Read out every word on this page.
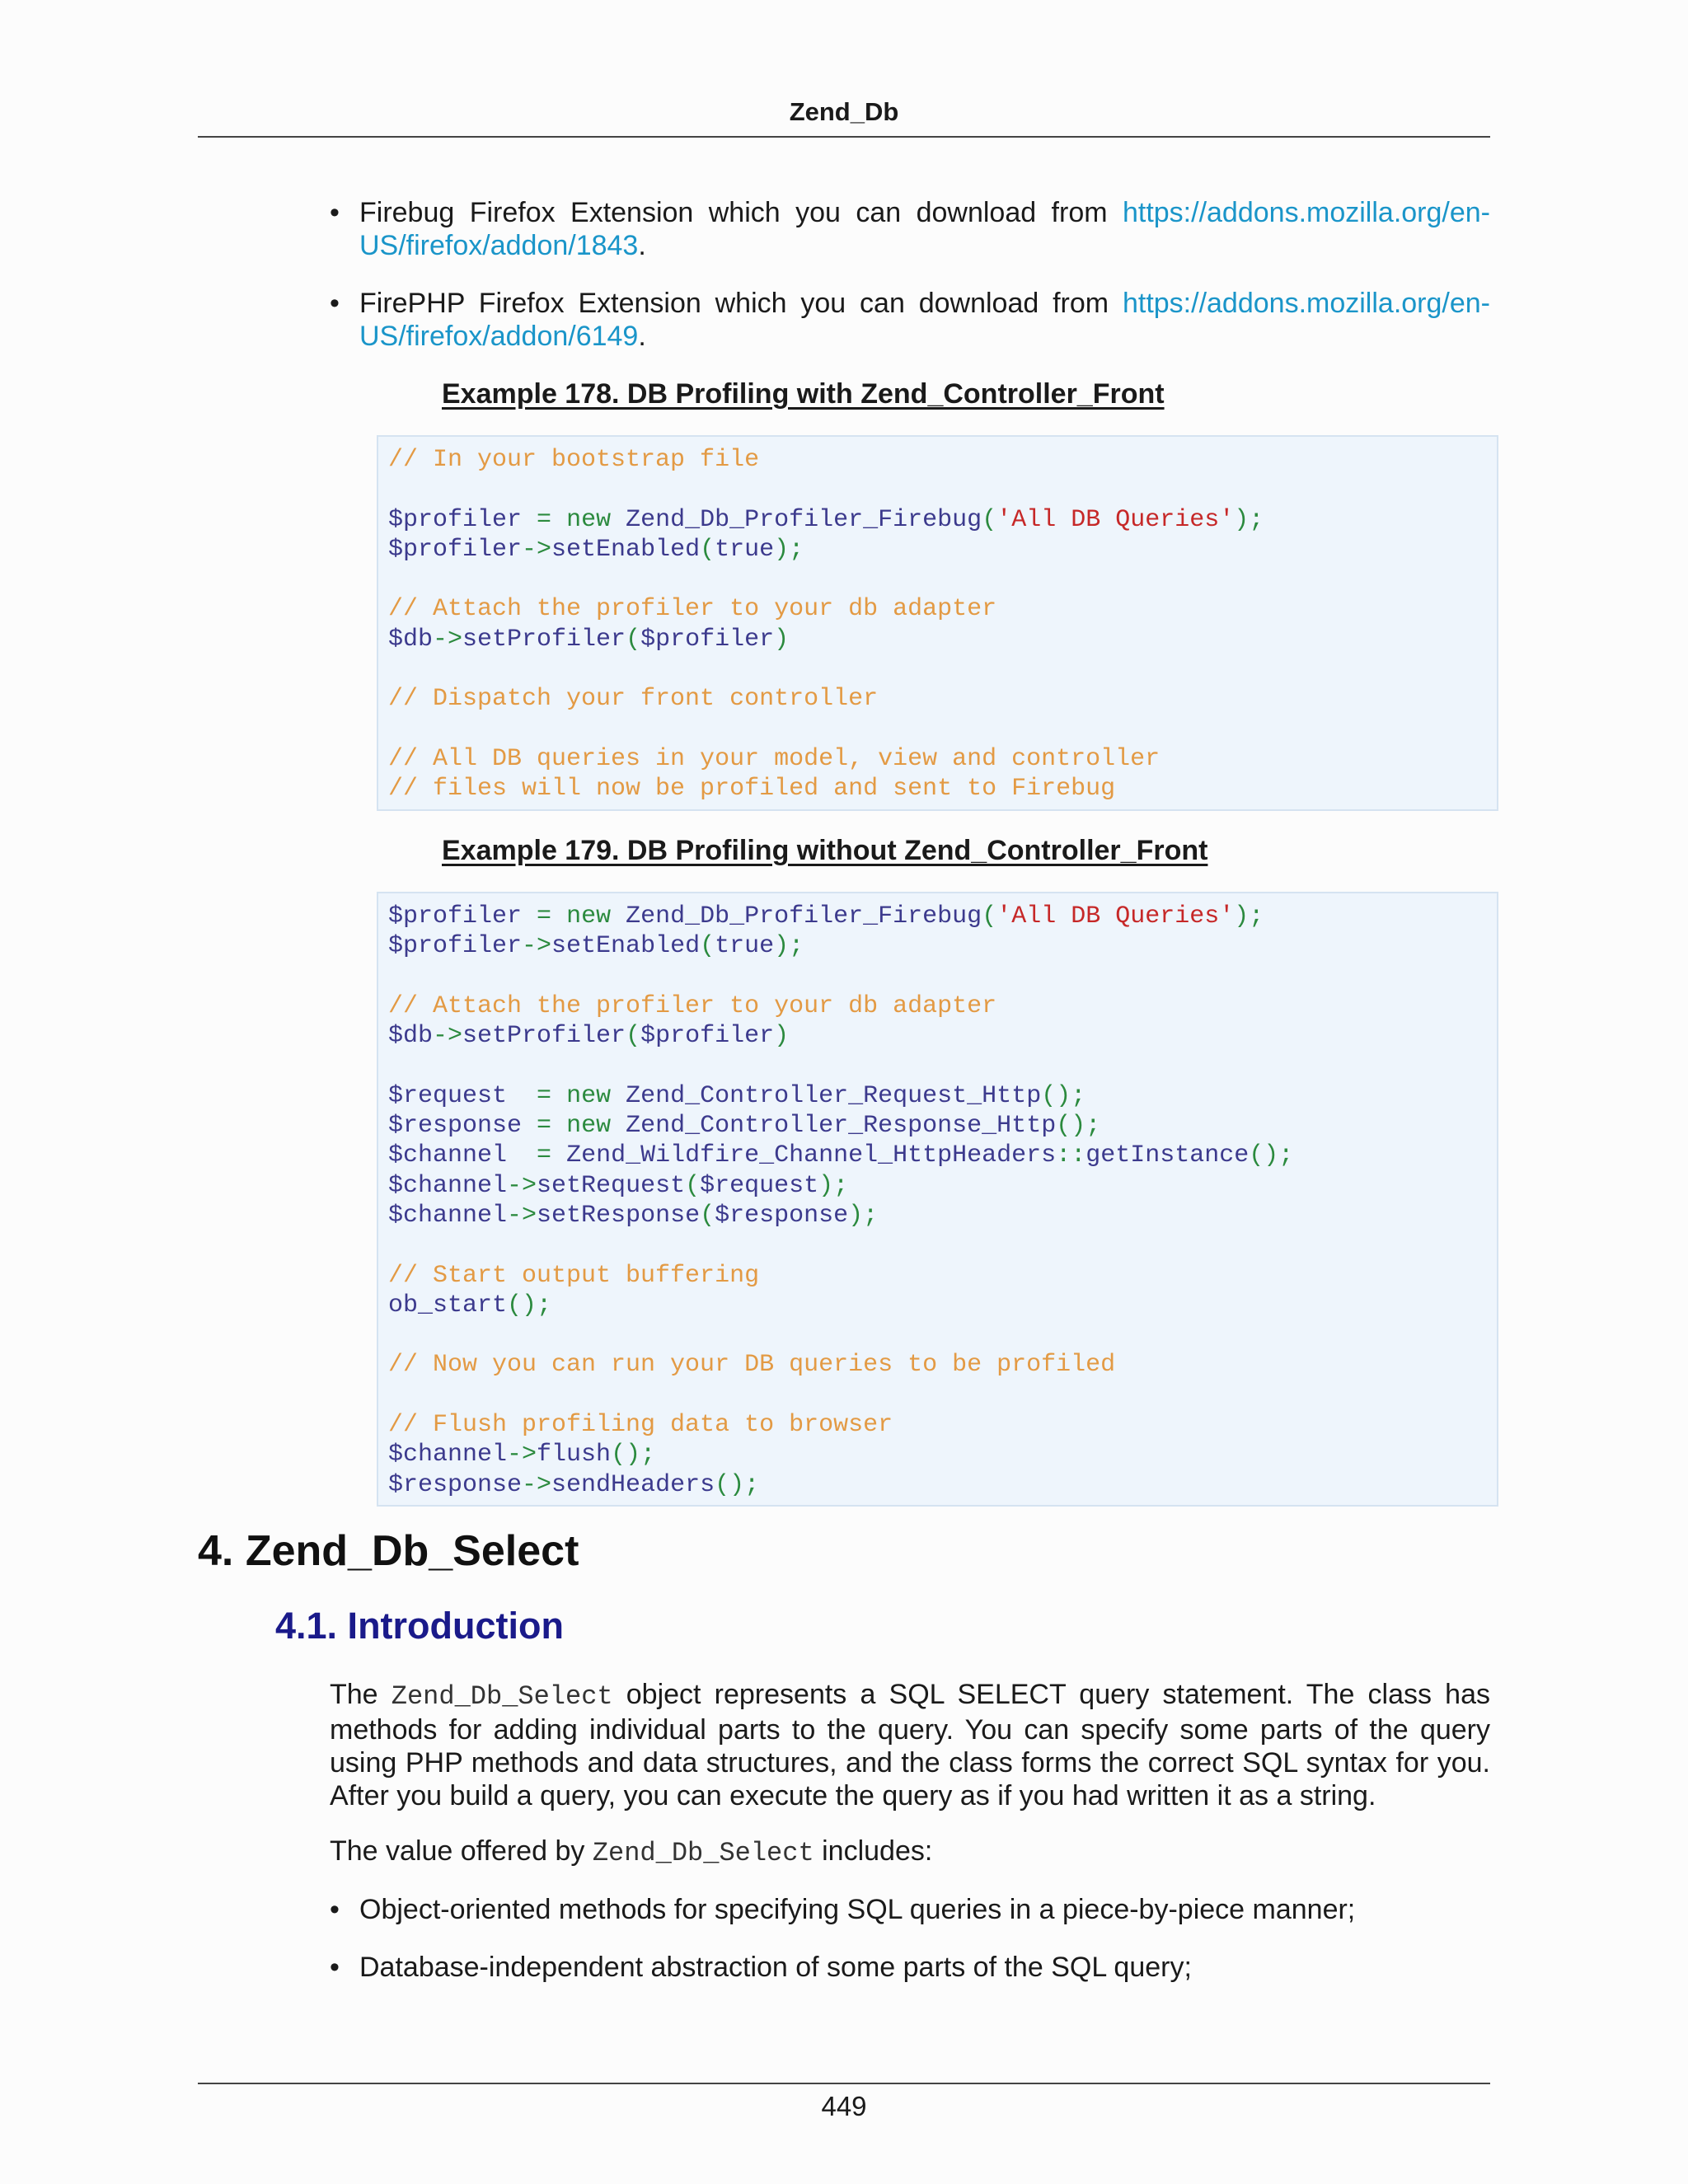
Zend_Db
• Firebug Firefox Extension which you can download from https://addons.mozilla.org/en-US/firefox/addon/1843.
• FirePHP Firefox Extension which you can download from https://addons.mozilla.org/en-US/firefox/addon/6149.
Example 178. DB Profiling with Zend_Controller_Front
// In your bootstrap file

$profiler = new Zend_Db_Profiler_Firebug('All DB Queries');
$profiler->setEnabled(true);

// Attach the profiler to your db adapter
$db->setProfiler($profiler)

// Dispatch your front controller

// All DB queries in your model, view and controller
// files will now be profiled and sent to Firebug
Example 179. DB Profiling without Zend_Controller_Front
$profiler = new Zend_Db_Profiler_Firebug('All DB Queries');
$profiler->setEnabled(true);

// Attach the profiler to your db adapter
$db->setProfiler($profiler)

$request = new Zend_Controller_Request_Http();
$response = new Zend_Controller_Response_Http();
$channel = Zend_Wildfire_Channel_HttpHeaders::getInstance();
$channel->setRequest($request);
$channel->setResponse($response);

// Start output buffering
ob_start();

// Now you can run your DB queries to be profiled

// Flush profiling data to browser
$channel->flush();
$response->sendHeaders();
4. Zend_Db_Select
4.1. Introduction
The Zend_Db_Select object represents a SQL SELECT query statement. The class has methods for adding individual parts to the query. You can specify some parts of the query using PHP methods and data structures, and the class forms the correct SQL syntax for you. After you build a query, you can execute the query as if you had written it as a string.
The value offered by Zend_Db_Select includes:
• Object-oriented methods for specifying SQL queries in a piece-by-piece manner;
• Database-independent abstraction of some parts of the SQL query;
449
